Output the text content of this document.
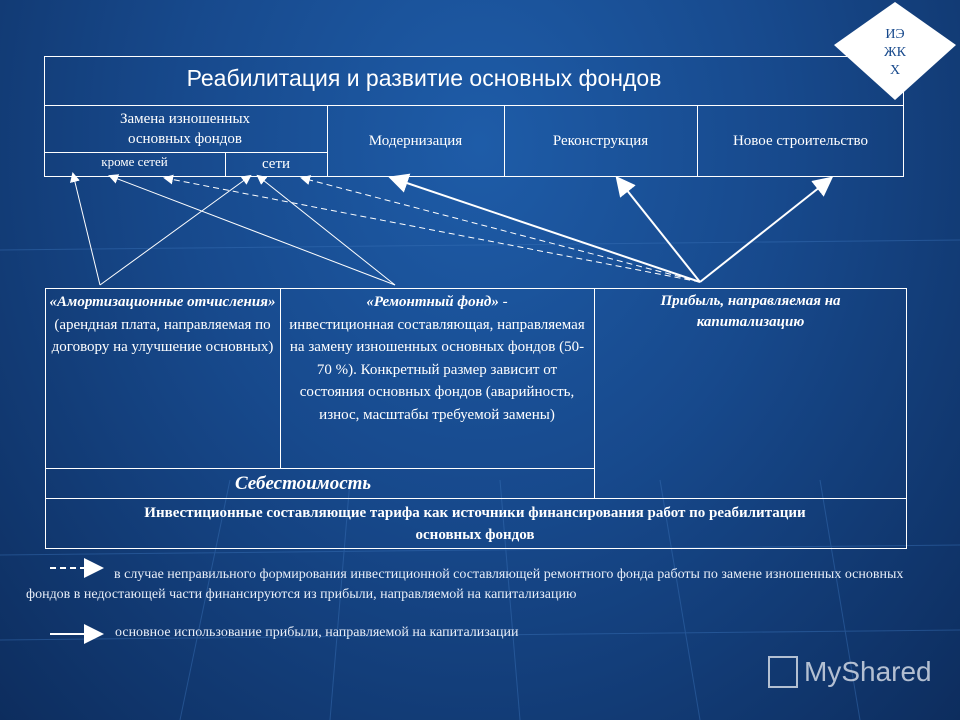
Реабилитация и развитие основных фондов
Замена изношенных основных фондов
кроме сетей	сети
Модернизация	Реконструкция	Новое строительство
ИЭ
ЖК
Х
«Амортизационные отчисления»
(арендная плата, направляемая по договору на улучшение основных)
«Ремонтный фонд» -
инвестиционная составляющая, направляемая на замену изношенных основных фондов (50-70 %). Конкретный размер зависит от состояния основных фондов (аварийность, износ, масштабы требуемой замены)
Прибыль, направляемая на капитализацию
Себестоимость
Инвестиционные составляющие тарифа как источники финансирования работ по реабилитации основных фондов
в случае неправильного формирования инвестиционной составляющей ремонтного фонда работы по замене изношенных основных фондов в недостающей части финансируются из прибыли, направляемой на капитализацию
основное использование прибыли, направляемой на капитализации
MyShared
